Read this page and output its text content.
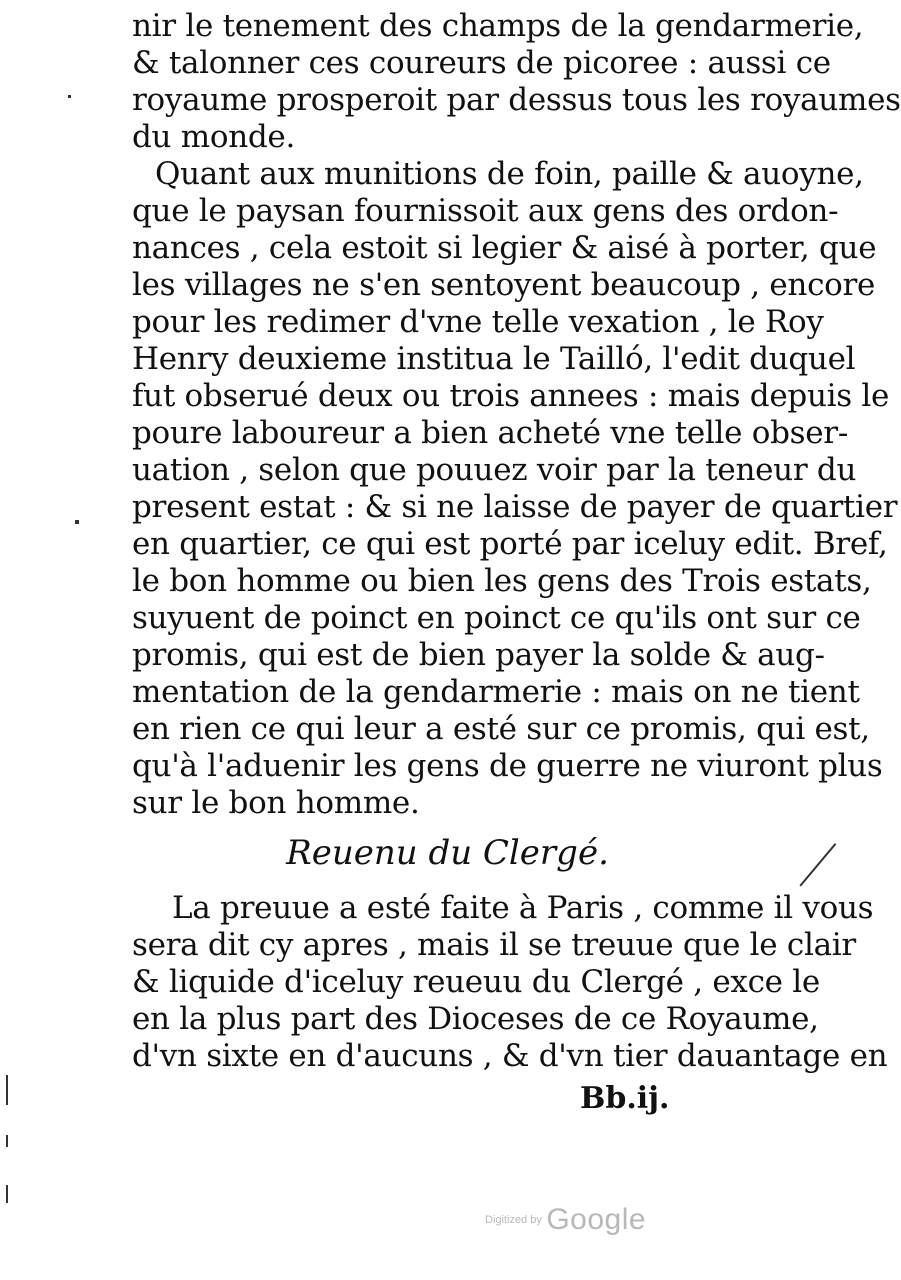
nir le tenement des champs de la gendarmerie,
& talonner ces coureurs de picoree : aussi ce
royaume prosperoit par dessus tous les royaumes
du monde.
Quant aux munitions de foin, paille & auoyne,
que le paysan fournissoit aux gens des ordon-
nances , cela estoit si legier & aisé à porter, que
les villages ne s'en sentoyent beaucoup , encore
pour les redimer d'vne telle vexation , le Roy
Henry deuxieme institua le Tailló, l'edit duquel
fut obserué deux ou trois annees : mais depuis le
poure laboureur a bien acheté vne telle obser-
uation , selon que pouuez voir par la teneur du
present estat : & si ne laisse de payer de quartier
en quartier, ce qui est porté par iceluy edit. Bref,
le bon homme ou bien les gens des Trois estats,
suyuent de poinct en poinct ce qu'ils ont sur ce
promis, qui est de bien payer la solde & aug-
mentation de la gendarmerie : mais on ne tient
en rien ce qui leur a esté sur ce promis, qui est,
qu'à l'aduenir les gens de guerre ne viuront plus
sur le bon homme.
Reuenu du Clergé.
La preuue a esté faite à Paris , comme il vous
sera dit cy apres , mais il se treuue que le clair
& liquide d'iceluy reueuu du Clergé , exce le
en la plus part des Dioceses de ce Royaume,
d'vn sixte en d'aucuns , & d'vn tier dauantage en
Bb.ij.
Digitized by Google
